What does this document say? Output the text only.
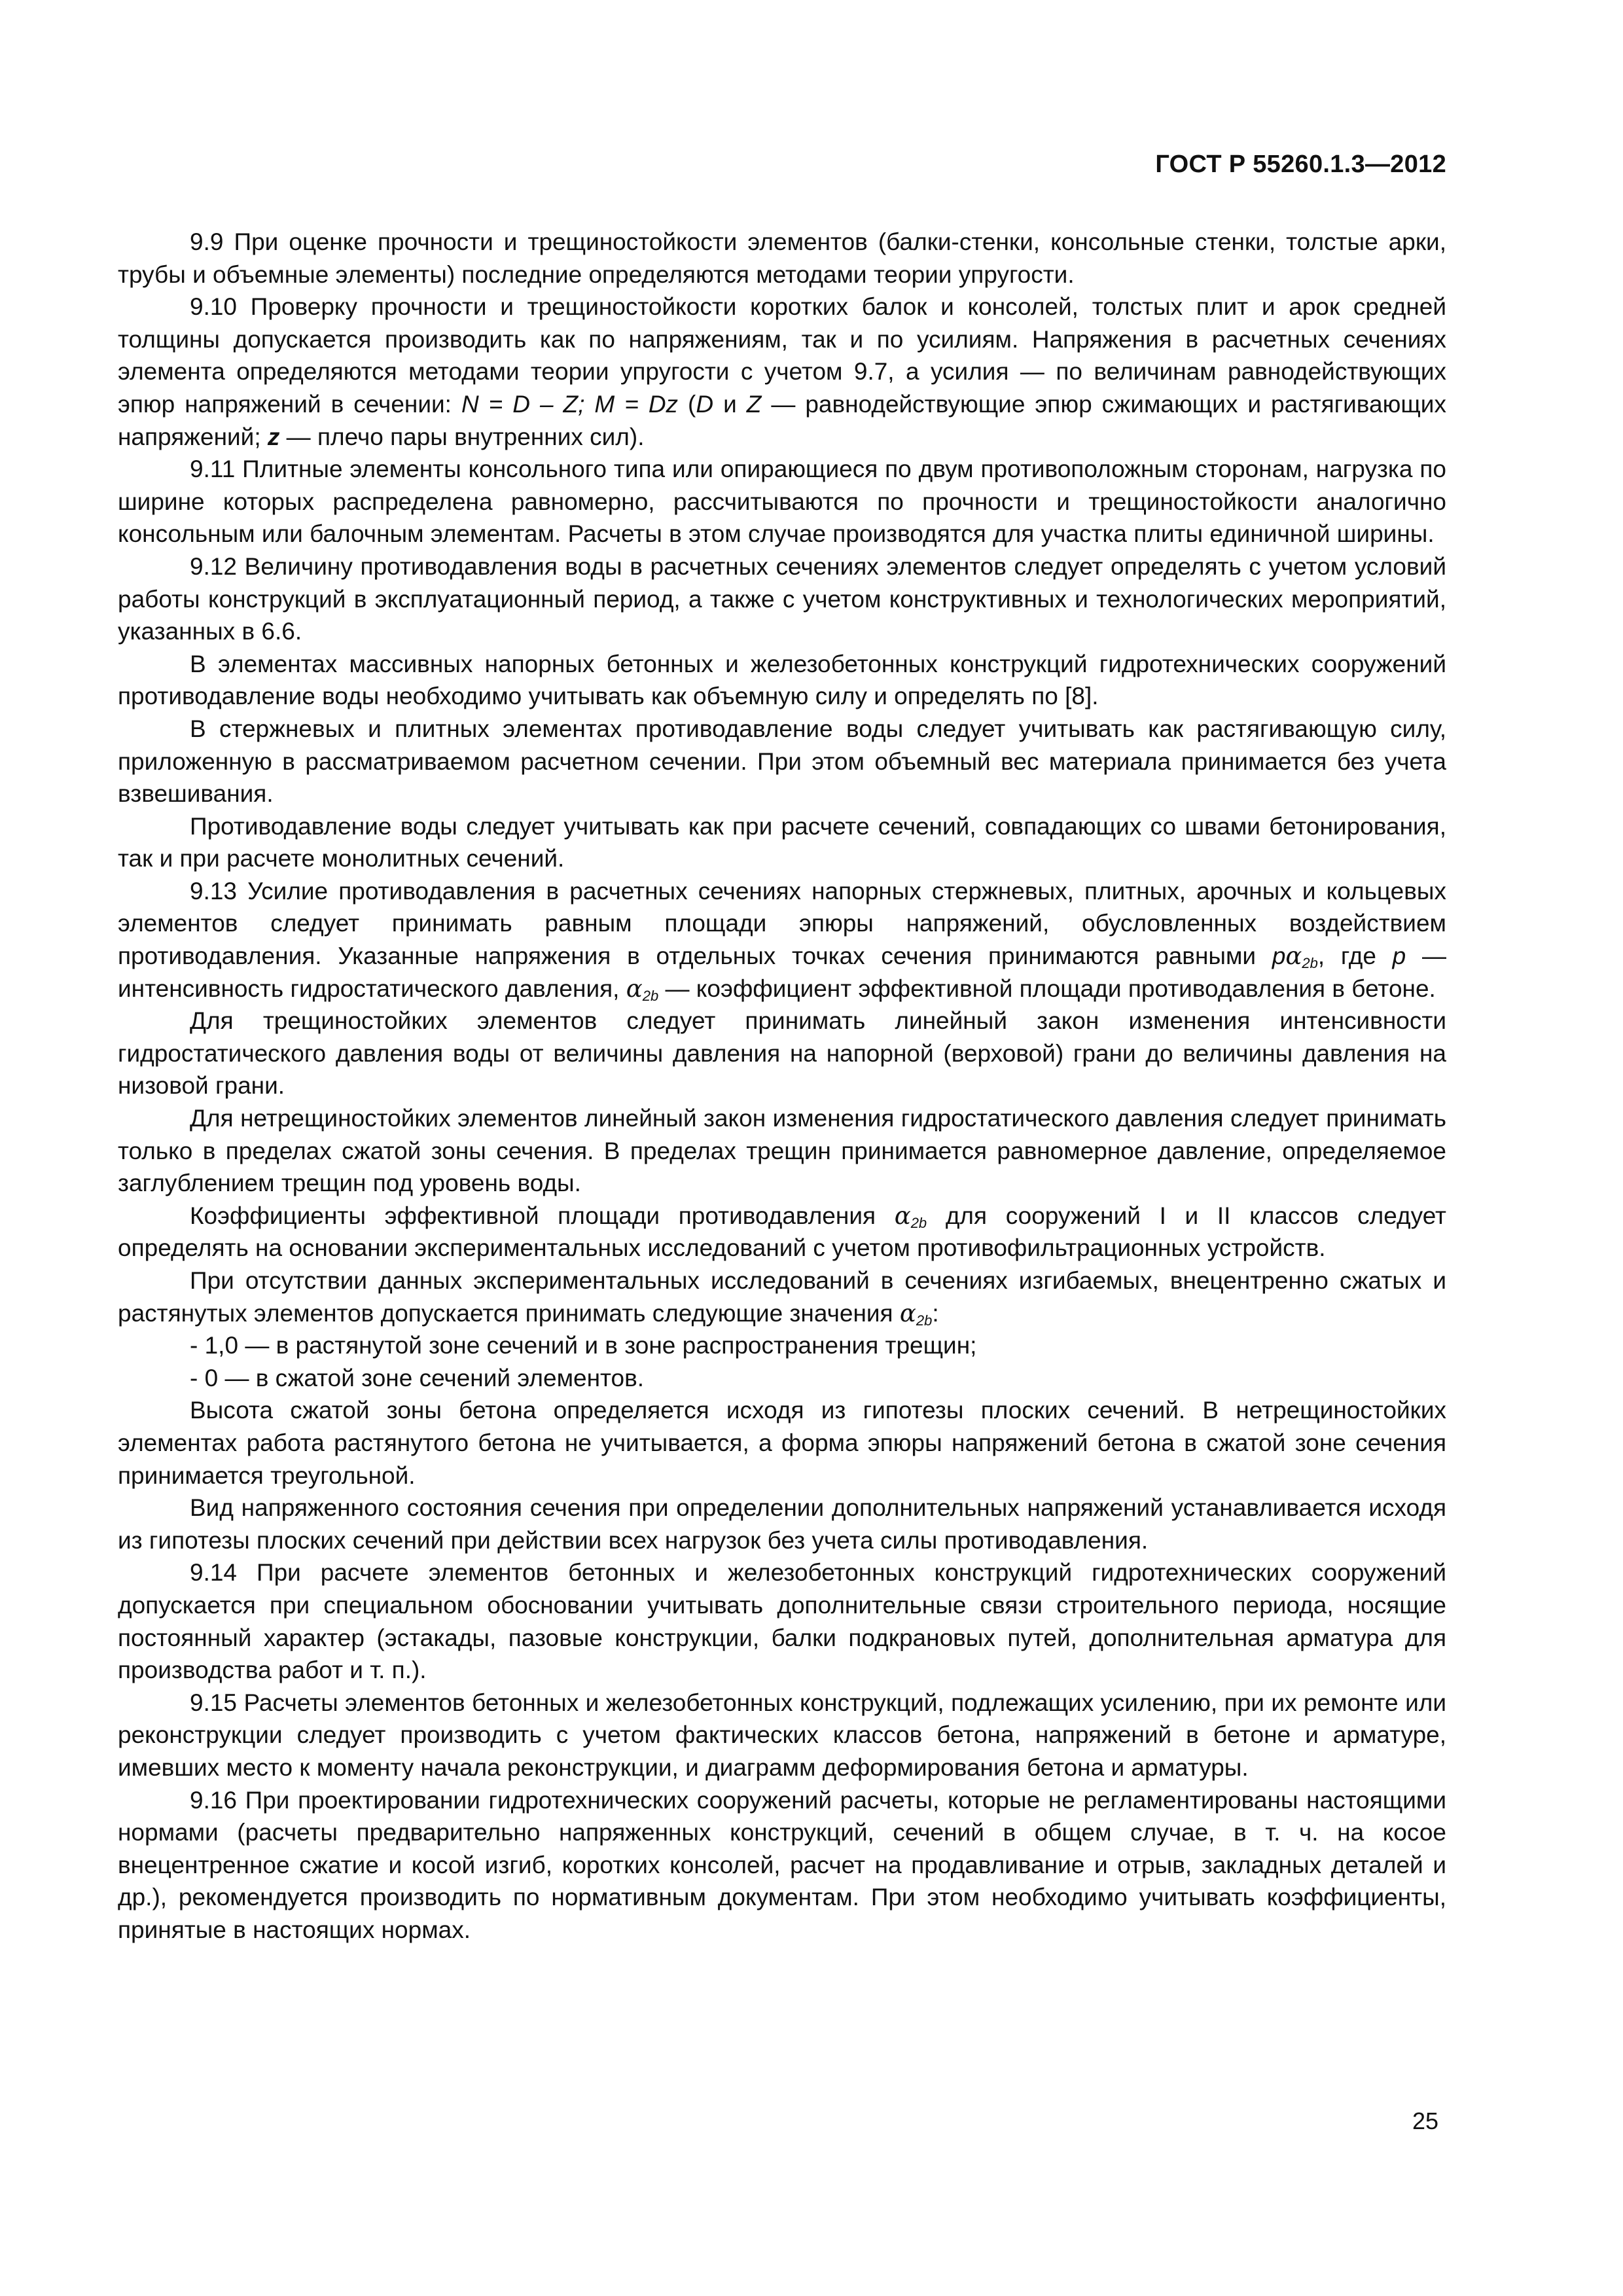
ГОСТ Р 55260.1.3—2012

9.9 При оценке прочности и трещиностойкости элементов (балки-стенки, консольные стенки, толстые арки, трубы и объемные элементы) последние определяются методами теории упругости.

9.10 Проверку прочности и трещиностойкости коротких балок и консолей, толстых плит и арок средней толщины допускается производить как по напряжениям, так и по усилиям. Напряжения в расчетных сечениях элемента определяются методами теории упругости с учетом 9.7, а усилия — по величинам равнодействующих эпюр напряжений в сечении: N = D – Z; M = Dz (D и Z — равнодействующие эпюр сжимающих и растягивающих напряжений; z — плечо пары внутренних сил).

9.11 Плитные элементы консольного типа или опирающиеся по двум противоположным сторонам, нагрузка по ширине которых распределена равномерно, рассчитываются по прочности и трещиностойкости аналогично консольным или балочным элементам. Расчеты в этом случае производятся для участка плиты единичной ширины.

9.12 Величину противодавления воды в расчетных сечениях элементов следует определять с учетом условий работы конструкций в эксплуатационный период, а также с учетом конструктивных и технологических мероприятий, указанных в 6.6.

В элементах массивных напорных бетонных и железобетонных конструкций гидротехнических сооружений противодавление воды необходимо учитывать как объемную силу и определять по [8].

В стержневых и плитных элементах противодавление воды следует учитывать как растягивающую силу, приложенную в рассматриваемом расчетном сечении. При этом объемный вес материала принимается без учета взвешивания.

Противодавление воды следует учитывать как при расчете сечений, совпадающих со швами бетонирования, так и при расчете монолитных сечений.

9.13 Усилие противодавления в расчетных сечениях напорных стержневых, плитных, арочных и кольцевых элементов следует принимать равным площади эпюры напряжений, обусловленных воздействием противодавления. Указанные напряжения в отдельных точках сечения принимаются равными $p\alpha_{2b}$, где p — интенсивность гидростатического давления, $\alpha_{2b}$ — коэффициент эффективной площади противодавления в бетоне.

Для трещиностойких элементов следует принимать линейный закон изменения интенсивности гидростатического давления воды от величины давления на напорной (верховой) грани до величины давления на низовой грани.

Для нетрещиностойких элементов линейный закон изменения гидростатического давления следует принимать только в пределах сжатой зоны сечения. В пределах трещин принимается равномерное давление, определяемое заглублением трещин под уровень воды.

Коэффициенты эффективной площади противодавления $\alpha_{2b}$ для сооружений I и II классов следует определять на основании экспериментальных исследований с учетом противофильтрационных устройств.

При отсутствии данных экспериментальных исследований в сечениях изгибаемых, внецентренно сжатых и растянутых элементов допускается принимать следующие значения $\alpha_{2b}$:

- 1,0 — в растянутой зоне сечений и в зоне распространения трещин;

- 0 — в сжатой зоне сечений элементов.

Высота сжатой зоны бетона определяется исходя из гипотезы плоских сечений. В нетрещиностойких элементах работа растянутого бетона не учитывается, а форма эпюры напряжений бетона в сжатой зоне сечения принимается треугольной.

Вид напряженного состояния сечения при определении дополнительных напряжений устанавливается исходя из гипотезы плоских сечений при действии всех нагрузок без учета силы противодавления.

9.14 При расчете элементов бетонных и железобетонных конструкций гидротехнических сооружений допускается при специальном обосновании учитывать дополнительные связи строительного периода, носящие постоянный характер (эстакады, пазовые конструкции, балки подкрановых путей, дополнительная арматура для производства работ и т. п.).

9.15 Расчеты элементов бетонных и железобетонных конструкций, подлежащих усилению, при их ремонте или реконструкции следует производить с учетом фактических классов бетона, напряжений в бетоне и арматуре, имевших место к моменту начала реконструкции, и диаграмм деформирования бетона и арматуры.

9.16 При проектировании гидротехнических сооружений расчеты, которые не регламентированы настоящими нормами (расчеты предварительно напряженных конструкций, сечений в общем случае, в т. ч. на косое внецентренное сжатие и косой изгиб, коротких консолей, расчет на продавливание и отрыв, закладных деталей и др.), рекомендуется производить по нормативным документам. При этом необходимо учитывать коэффициенты, принятые в настоящих нормах.

25
